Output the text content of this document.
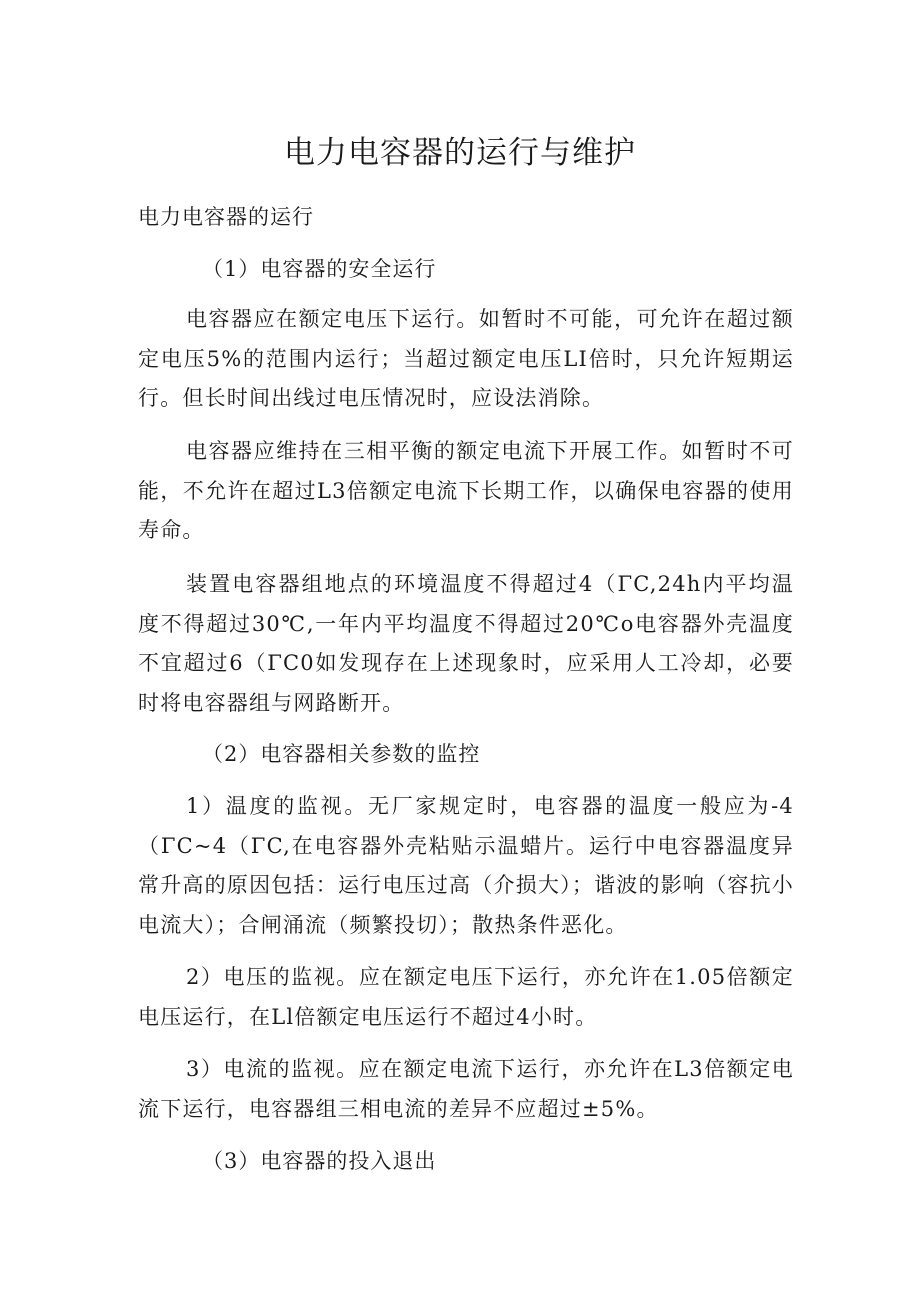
电力电容器的运行与维护

电力电容器的运行

（1）电容器的安全运行

电容器应在额定电压下运行。如暂时不可能，可允许在超过额定电压5%的范围内运行；当超过额定电压LI倍时，只允许短期运行。但长时间出线过电压情况时，应设法消除。

电容器应维持在三相平衡的额定电流下开展工作。如暂时不可能，不允许在超过L3倍额定电流下长期工作，以确保电容器的使用寿命。

装置电容器组地点的环境温度不得超过4（ΓC,24h内平均温度不得超过30℃,一年内平均温度不得超过20℃o电容器外壳温度不宜超过6（ΓC0如发现存在上述现象时，应采用人工冷却，必要时将电容器组与网路断开。

（2）电容器相关参数的监控

1）温度的监视。无厂家规定时，电容器的温度一般应为-4（ΓC~4（ΓC,在电容器外壳粘贴示温蜡片。运行中电容器温度异常升高的原因包括：运行电压过高（介损大）；谐波的影响（容抗小电流大）；合闸涌流（频繁投切）；散热条件恶化。

2）电压的监视。应在额定电压下运行，亦允许在1.05倍额定电压运行，在Ll倍额定电压运行不超过4小时。

3）电流的监视。应在额定电流下运行，亦允许在L3倍额定电流下运行，电容器组三相电流的差异不应超过±5%。

（3）电容器的投入退出
